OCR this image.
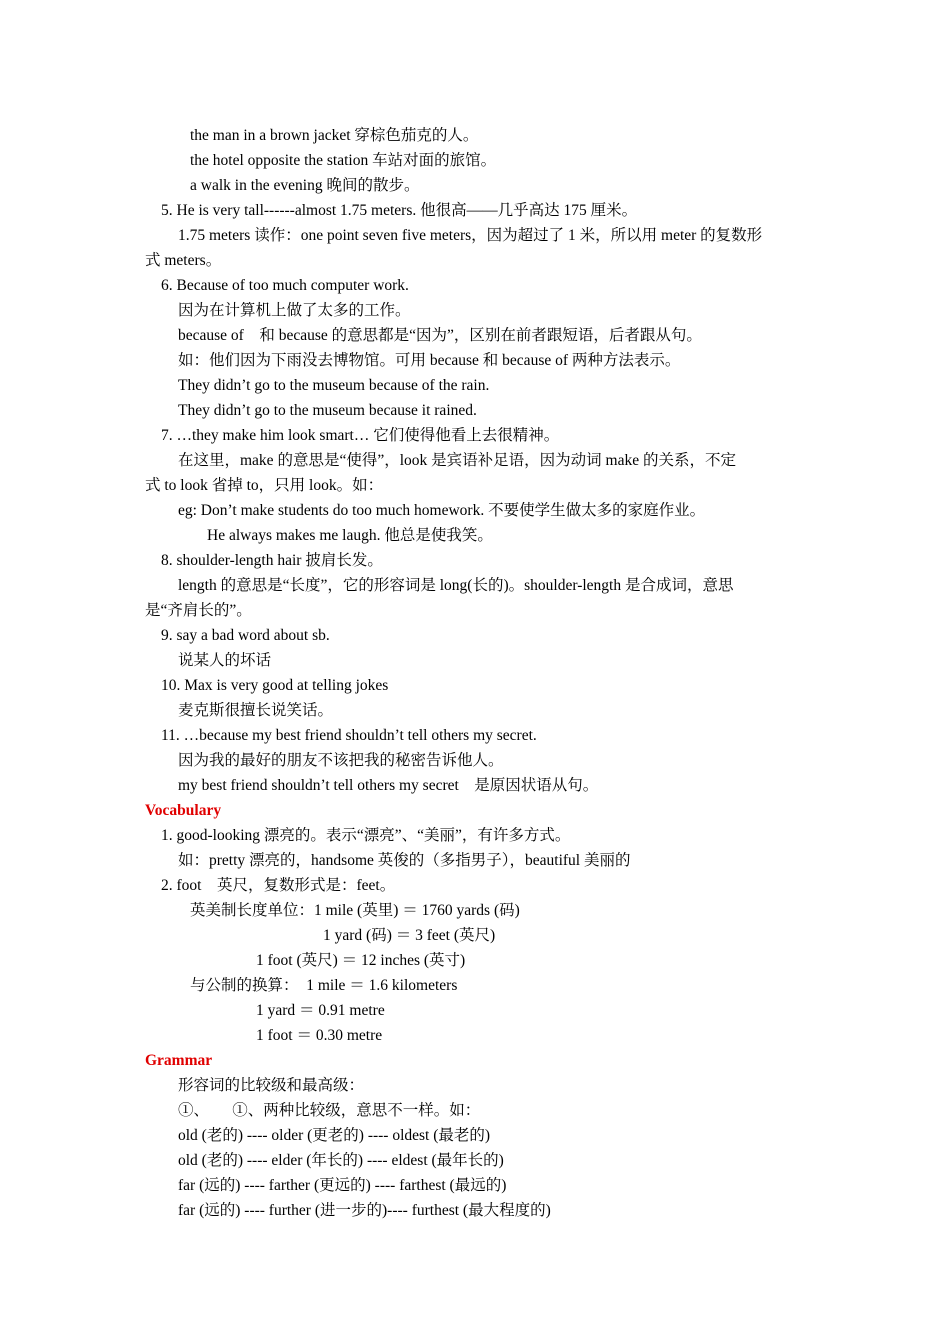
the man in a brown jacket 穿棕色茄克的人。

the hotel opposite the station 车站对面的旅馆。

a walk in the evening 晚间的散步。

5. He is very tall------almost 1.75 meters. 他很高——几乎高达 175 厘米。

1.75 meters 读作：one point seven five meters，因为超过了 1 米，所以用 meter 的复数形

式 meters。

6. Because of too much computer work.

因为在计算机上做了太多的工作。

because of　和 because 的意思都是“因为”，区别在前者跟短语，后者跟从句。

如：他们因为下雨没去博物馆。可用 because 和 because of 两种方法表示。

They didn’t go to the museum because of the rain.

They didn’t go to the museum because it rained.

7. …they make him look smart… 它们使得他看上去很精神。

在这里，make 的意思是“使得”，look 是宾语补足语，因为动词 make 的关系，不定

式 to look 省掉 to，只用 look。如：

eg: Don’t make students do too much homework. 不要使学生做太多的家庭作业。

He always makes me laugh. 他总是使我笑。

8. shoulder-length hair 披肩长发。

length 的意思是“长度”，它的形容词是 long(长的)。shoulder-length 是合成词，意思

是“齐肩长的”。

9. say a bad word about sb.

说某人的坏话

10. Max is very good at telling jokes

麦克斯很擅长说笑话。

11. …because my best friend shouldn’t tell others my secret.

因为我的最好的朋友不该把我的秘密告诉他人。

my best friend shouldn’t tell others my secret　是原因状语从句。

Vocabulary

1. good-looking 漂亮的。表示“漂亮”、“美丽”，有许多方式。

如：pretty 漂亮的，handsome 英俊的（多指男子），beautiful 美丽的

2. foot　英尺，复数形式是：feet。

英美制长度单位：1 mile (英里) ＝ 1760 yards (码)

1 yard (码) ＝ 3 feet (英尺)

1 foot (英尺) ＝ 12 inches (英寸)

与公制的换算：　1 mile ＝ 1.6 kilometers

1 yard ＝ 0.91 metre

1 foot ＝ 0.30 metre

Grammar

形容词的比较级和最高级：

①、　　①、两种比较级，意思不一样。如：

old (老的) ---- older (更老的) ---- oldest (最老的)

old (老的) ---- elder (年长的) ---- eldest (最年长的)

far (远的) ---- farther (更远的) ---- farthest (最远的)

far (远的) ---- further (进一步的)---- furthest (最大程度的)
